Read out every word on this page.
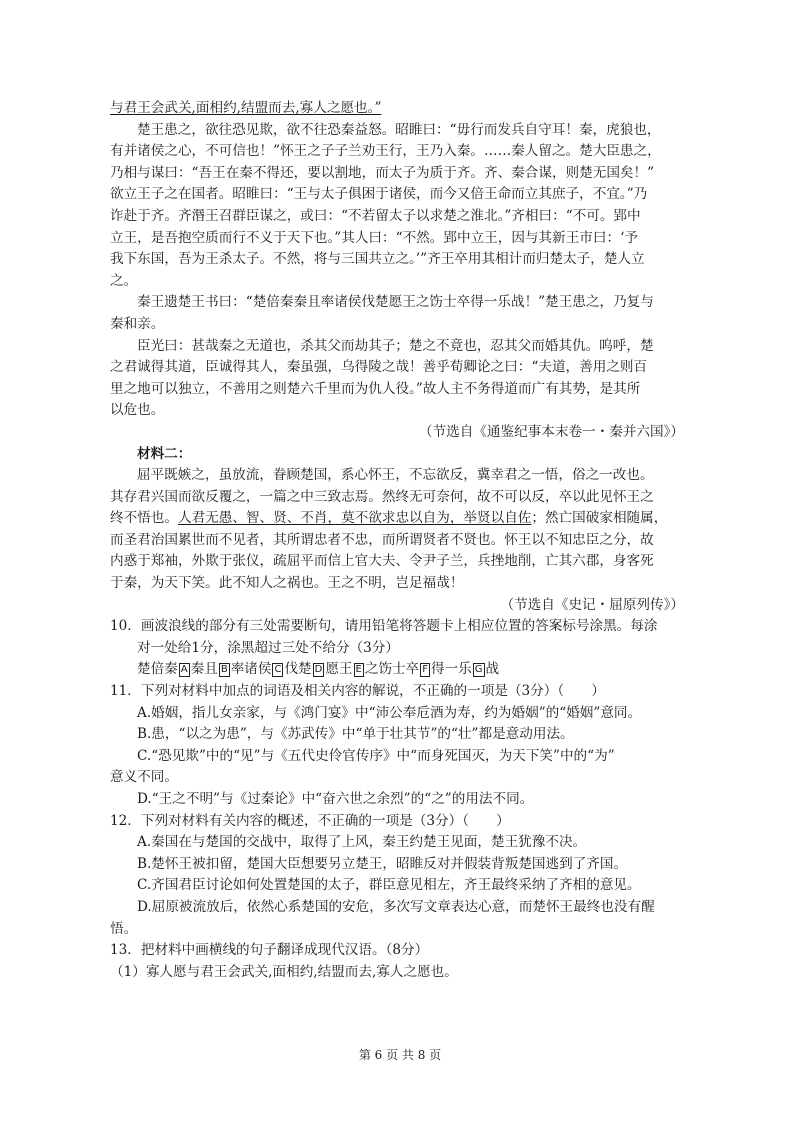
与君王会武关,面相约,结盟而去,寡人之愿也。”
楚王患之，欲往恐见欺，欲不往恐秦益怒。昭睢曰：“毋行而发兵自守耳！秦，虎狼也，
有并诸侯之心，不可信也！”怀王之子子兰劝王行，王乃入秦。……秦人留之。楚大臣患之，
乃相与谋曰：“吾王在秦不得还，要以割地，而太子为质于齐。齐、秦合谋，则楚无国矣！”
欲立王子之在国者。昭睢曰：“王与太子俱困于诸侯，而今又倍王命而立其庶子，不宜。”乃
诈赴于齐。齐湣王召群臣谋之，或曰：“不若留太子以求楚之淮北。”齐相曰：“不可。郢中
立王，是吾抱空质而行不义于天下也。”其人曰：“不然。郢中立王，因与其新王市曰：‘予
我下东国，吾为王杀太子。不然，将与三国共立之。’”齐王卒用其相计而归楚太子，楚人立
之。
秦王遗楚王书曰：“楚倍秦秦且率诸侯伐楚愿王之饬士卒得一乐战！”楚王患之，乃复与
秦和亲。
臣光曰：甚哉秦之无道也，杀其父而劫其子；楚之不竟也，忍其父而婚其仇。呜呼，楚
之君诚得其道，臣诚得其人，秦虽强，乌得陵之哉！善乎荀卿论之曰：“夫道，善用之则百
里之地可以独立，不善用之则楚六千里而为仇人役。”故人主不务得道而广有其势，是其所
以危也。
（节选自《通鉴纪事本末卷一・秦并六国》）
材料二：
屈平既嫉之，虽放流，眷顾楚国，系心怀王，不忘欲反，冀幸君之一悟，俗之一改也。
其存君兴国而欲反覆之，一篇之中三致志焉。然终无可奈何，故不可以反，卒以此见怀王之
终不悟也。人君无愚、智、贤、不肖，莫不欲求忠以自为，举贤以自佐；然亡国破家相随属，
而圣君治国累世而不见者，其所谓忠者不忠，而所谓贤者不贤也。怀王以不知忠臣之分，故
内惑于郑袖，外欺于张仪，疏屈平而信上官大夫、令尹子兰，兵挫地削，亡其六郡，身客死
于秦，为天下笑。此不知人之祸也。王之不明，岂足福哉！
（节选自《史记・屈原列传》）
10．画波浪线的部分有三处需要断句，请用铅笔将答题卡上相应位置的答案标号涂黑。每涂
对一处给1分，涂黑超过三处不给分（3分）
楚倍秦 A 秦且 B 率诸侯 C 伐楚 D 愿王 E 之饬士卒 F 得一乐 G 战
11．下列对材料中加点的词语及相关内容的解说，不正确的一项是（3分）（　　）
A.婚姻，指儿女亲家，与《鸿门宴》中“沛公奉卮酒为寿，约为婚姻”的“婚姻”意同。
B.患，“以之为患”，与《苏武传》中“单于壮其节”的“壮”都是意动用法。
C.“恐见欺”中的“见”与《五代史伶官传序》中“而身死国灭，为天下笑”中的“为”
意义不同。
D.“王之不明”与《过秦论》中“奋六世之余烈”的“之”的用法不同。
12．下列对材料有关内容的概述，不正确的一项是（3分）（　　）
A.秦国在与楚国的交战中，取得了上风，秦王约楚王见面，楚王犹豫不决。
B.楚怀王被扣留，楚国大臣想要另立楚王，昭睢反对并假装背叛楚国逃到了齐国。
C.齐国君臣讨论如何处置楚国的太子，群臣意见相左，齐王最终采纳了齐相的意见。
D.屈原被流放后，依然心系楚国的安危，多次写文章表达心意，而楚怀王最终也没有醒
悟。
13．把材料中画横线的句子翻译成现代汉语。（8分）
（1）寡人愿与君王会武关,面相约,结盟而去,寡人之愿也。
第 6 页 共 8 页
